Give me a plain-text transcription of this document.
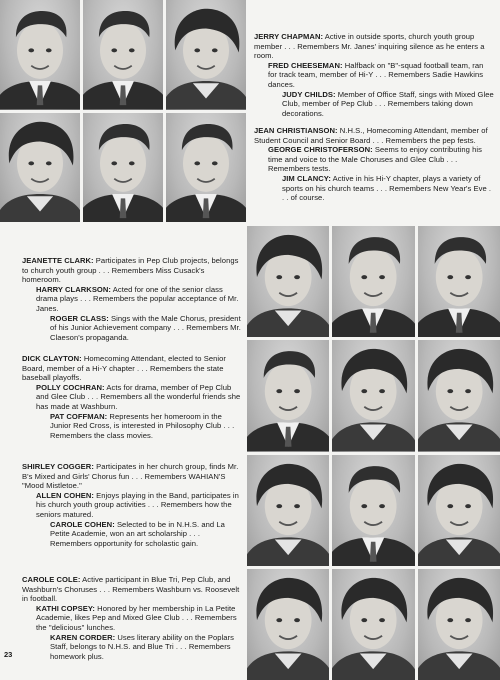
JERRY CHAPMAN: Active in outside sports, church youth group member . . . Remembers Mr. Janes' inquiring silence as he enters a room.

FRED CHEESEMAN: Halfback on "B"-squad football team, ran for track team, member of Hi-Y . . . Remembers Sadie Hawkins dances.

JUDY CHILDS: Member of Office Staff, sings with Mixed Glee Club, member of Pep Club . . . Remembers taking down decorations.

JEAN CHRISTIANSON: N.H.S., Homecoming Attendant, member of Student Council and Senior Board . . . Remembers the pep fests.

GEORGE CHRISTOFERSON: Seems to enjoy contributing his time and voice to the Male Choruses and Glee Club . . . Remembers tests.

JIM CLANCY: Active in his Hi-Y chapter, plays a variety of sports on his church teams . . . Remembers New Year's Eve . . . of course.

JEANETTE CLARK: Participates in Pep Club projects, belongs to church youth group . . . Remembers Miss Cusack's homeroom.

HARRY CLARKSON: Acted for one of the senior class drama plays . . . Remembers the popular acceptance of Mr. Janes.

ROGER CLASS: Sings with the Male Chorus, president of his Junior Achievement company . . . Remembers Mr. Claeson's propaganda.

DICK CLAYTON: Homecoming Attendant, elected to Senior Board, member of a Hi-Y chapter . . . Remembers the state baseball playoffs.

POLLY COCHRAN: Acts for drama, member of Pep Club and Glee Club . . . Remembers all the wonderful friends she has made at Washburn.

PAT COFFMAN: Represents her homeroom in the Junior Red Cross, is interested in Philosophy Club . . . Remembers the class movies.

SHIRLEY COGGER: Participates in her church group, finds Mr. B's Mixed and Girls' Chorus fun . . . Remembers WAHIAN'S "Mood Mistletoe."

ALLEN COHEN: Enjoys playing in the Band, participates in his church youth group activities . . . Remembers how the seniors matured.

CAROLE COHEN: Selected to be in N.H.S. and La Petite Academie, won an art scholarship . . . Remembers opportunity for scholastic gain.

CAROLE COLE: Active participant in Blue Tri, Pep Club, and Washburn's Choruses . . . Remembers Washburn vs. Roosevelt in football.

KATHI COPSEY: Honored by her membership in La Petite Academie, likes Pep and Mixed Glee Club . . . Remembers the "delicious" lunches.

KAREN CORDER: Uses literary ability on the Poplars Staff, belongs to N.H.S. and Blue Tri . . . Remembers homework plus.

23
